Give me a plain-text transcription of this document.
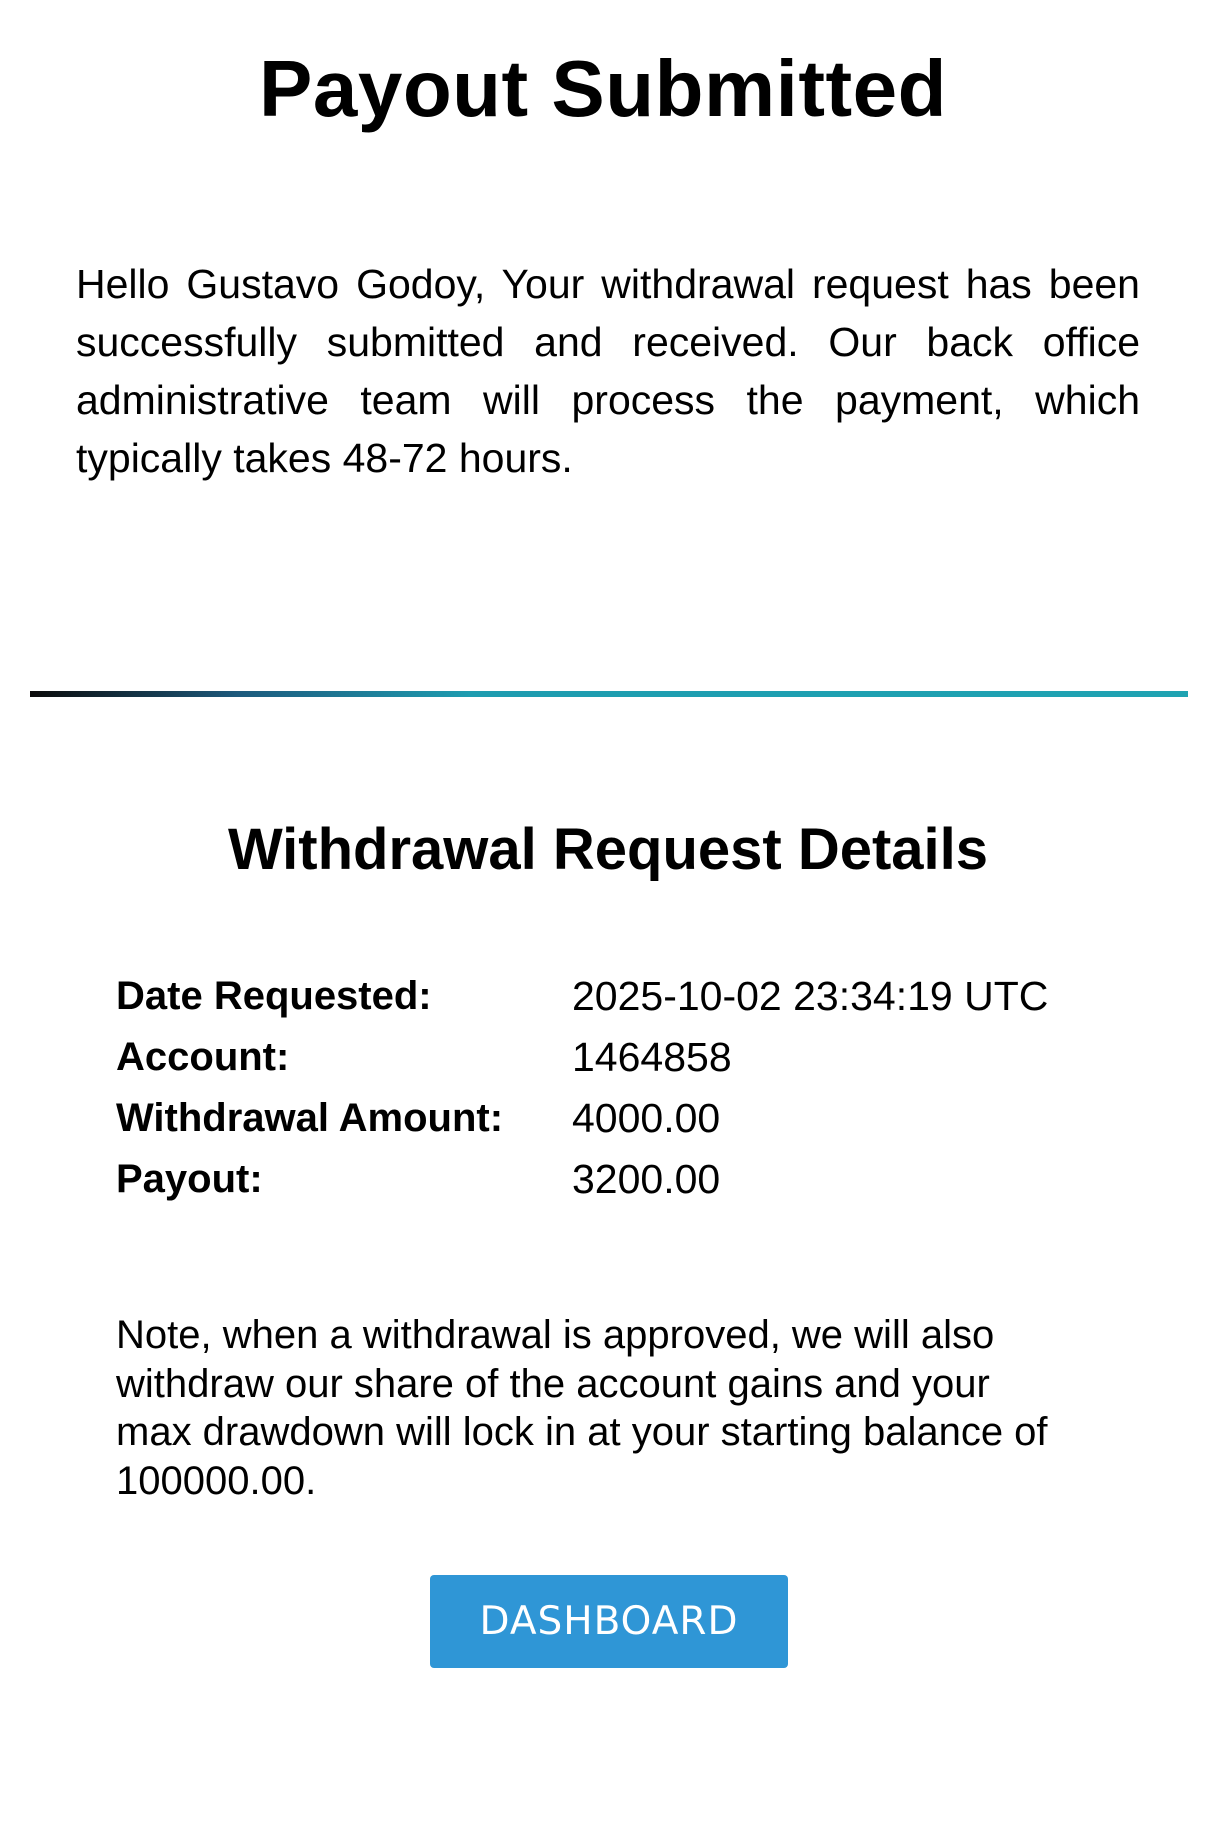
Payout Submitted

Hello Gustavo Godoy, Your withdrawal request has been successfully submitted and received. Our back office administrative team will process the payment, which typically takes 48-72 hours.

Withdrawal Request Details
Date Requested:	2025-10-02 23:34:19 UTC
Account:	1464858
Withdrawal Amount:	4000.00
Payout:	3200.00

Note, when a withdrawal is approved, we will also withdraw our share of the account gains and your max drawdown will lock in at your starting balance of 100000.00.

DASHBOARD
